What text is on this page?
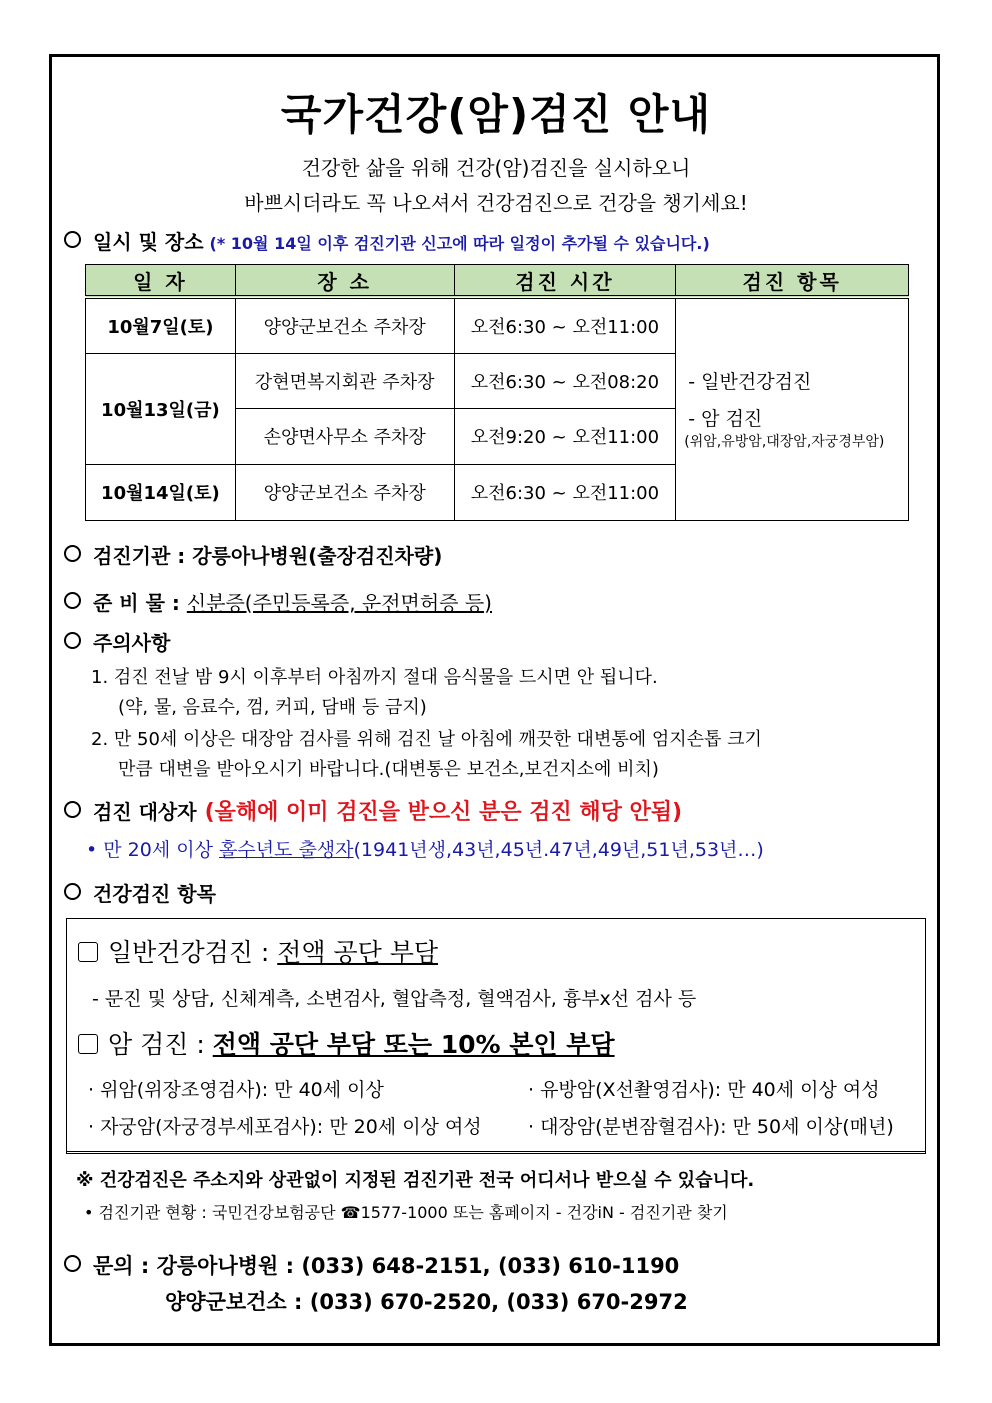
국가건강(암)검진 안내
건강한 삶을 위해 건강(암)검진을 실시하오니
바쁘시더라도 꼭 나오셔서 건강검진으로 건강을 챙기세요!
일시 및 장소 (* 10월 14일 이후 검진기관 신고에 따라 일정이 추가될 수 있습니다.)
일 자	장 소	검진 시간	검진 항목
10월7일(토)	양양군보건소 주차장	오전6:30 ~ 오전11:00	- 일반건강검진
- 암 검진
(위암,유방암,대장암,자궁경부암)

10월13일(금)	강현면복지회관 주차장	오전6:30 ~ 오전08:20	
	손양면사무소 주차장	오전9:20 ~ 오전11:00	
10월14일(토)	양양군보건소 주차장	오전6:30 ~ 오전11:00	
검진기관 : 강릉아나병원(출장검진차량)
준 비 물 : 신분증(주민등록증, 운전면허증 등)
주의사항
1. 검진 전날 밤 9시 이후부터 아침까지 절대 음식물을 드시면 안 됩니다.
(약, 물, 음료수, 껌, 커피, 담배 등 금지)
2. 만 50세 이상은 대장암 검사를 위해 검진 날 아침에 깨끗한 대변통에 엄지손톱 크기
만큼 대변을 받아오시기 바랍니다.(대변통은 보건소,보건지소에 비치)
검진 대상자 (올해에 이미 검진을 받으신 분은 검진 해당 안됨)
• 만 20세 이상 홀수년도 출생자(1941년생,43년,45년.47년,49년,51년,53년…)
건강검진 항목
일반건강검진 : 전액 공단 부담
- 문진 및 상담, 신체계측, 소변검사, 혈압측정, 혈액검사, 흉부x선 검사 등
암 검진 : 전액 공단 부담 또는 10% 본인 부담
· 위암(위장조영검사): 만 40세 이상	· 유방암(X선촬영검사): 만 40세 이상 여성
· 자궁암(자궁경부세포검사): 만 20세 이상 여성 · 대장암(분변잠혈검사): 만 50세 이상(매년)
※ 건강검진은 주소지와 상관없이 지정된 검진기관 전국 어디서나 받으실 수 있습니다.
• 검진기관 현황 : 국민건강보험공단 ☎1577-1000 또는 홈페이지 - 건강iN - 검진기관 찾기
문의 : 강릉아나병원 : (033) 648-2151, (033) 610-1190
양양군보건소 : (033) 670-2520, (033) 670-2972
